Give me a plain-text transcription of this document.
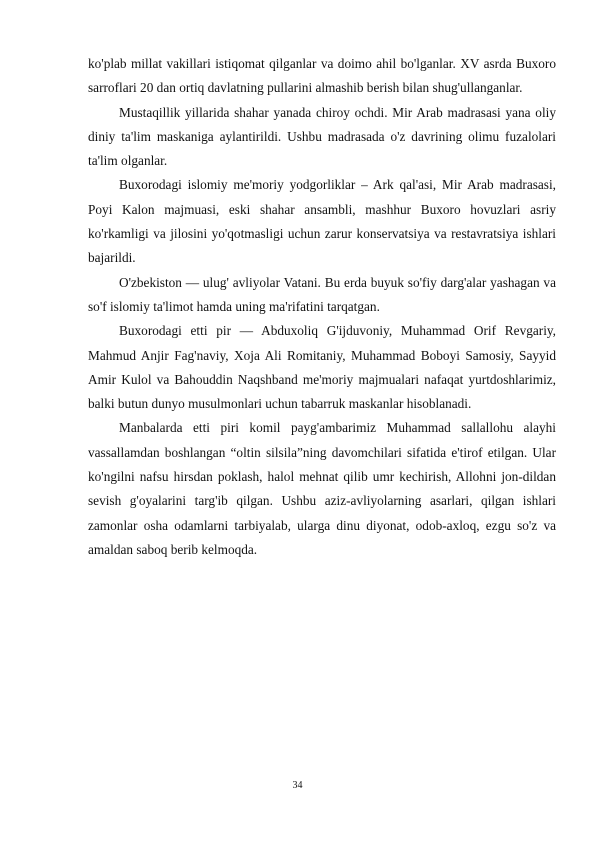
ko'plab millat vakillari istiqomat qilganlar va doimo ahil bo'lganlar. XV asrda Buxoro sarroflari 20 dan ortiq davlatning pullarini almashib berish bilan shug'ullanganlar.

Mustaqillik yillarida shahar yanada chiroy ochdi. Mir Arab madrasasi yana oliy diniy ta'lim maskaniga aylantirildi. Ushbu madrasada o'z davrining olimu fuzalolari ta'lim olganlar.

Buxorodagi islomiy me'moriy yodgorliklar – Ark qal'asi, Mir Arab madrasasi, Poyi Kalon majmuasi, eski shahar ansambli, mashhur Buxoro hovuzlari asriy ko'rkamligi va jilosini yo'qotmasligi uchun zarur konservatsiya va restavratsiya ishlari bajarildi.

O'zbekiston — ulug' avliyolar Vatani. Bu erda buyuk so'fiy darg'alar yashagan va so'f islomiy ta'limot hamda uning ma'rifatini tarqatgan.

Buxorodagi etti pir — Abduxoliq G'ijduvoniy, Muhammad Orif Revgariy, Mahmud Anjir Fag'naviy, Xoja Ali Romitaniy, Muhammad Boboyi Samosiy, Sayyid Amir Kulol va Bahouddin Naqshband me'moriy majmualari nafaqat yurtdoshlarimiz, balki butun dunyo musulmonlari uchun tabarruk maskanlar hisoblanadi.

Manbalarda etti piri komil payg'ambarimiz Muhammad sallallohu alayhi vassallamdan boshlangan “oltin silsila”ning davomchilari sifatida e'tirof etilgan. Ular ko'ngilni nafsu hirsdan poklash, halol mehnat qilib umr kechirish, Allohni jon-dildan sevish g'oyalarini targ'ib qilgan. Ushbu aziz-avliyolarning asarlari, qilgan ishlari zamonlar osha odamlarni tarbiyalab, ularga dinu diyonat, odob-axloq, ezgu so'z va amaldan saboq berib kelmoqda.

34
